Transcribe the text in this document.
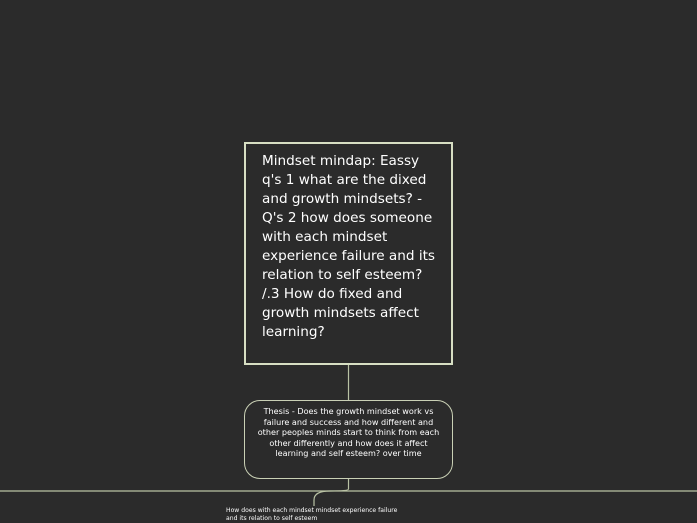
Mindset mindap: Eassy q's 1 what are the dixed and growth mindsets? - Q's 2 how does someone with each mindset experience failure and its relation to self esteem? /.3 How do fixed and growth mindsets affect learning?
Thesis - Does the growth mindset work vs failure and success and how different and other peoples minds start to think from each other differently and how does it affect learning and self esteem? over time
How does with each mindset mindset experience failure and its relation to self esteem
